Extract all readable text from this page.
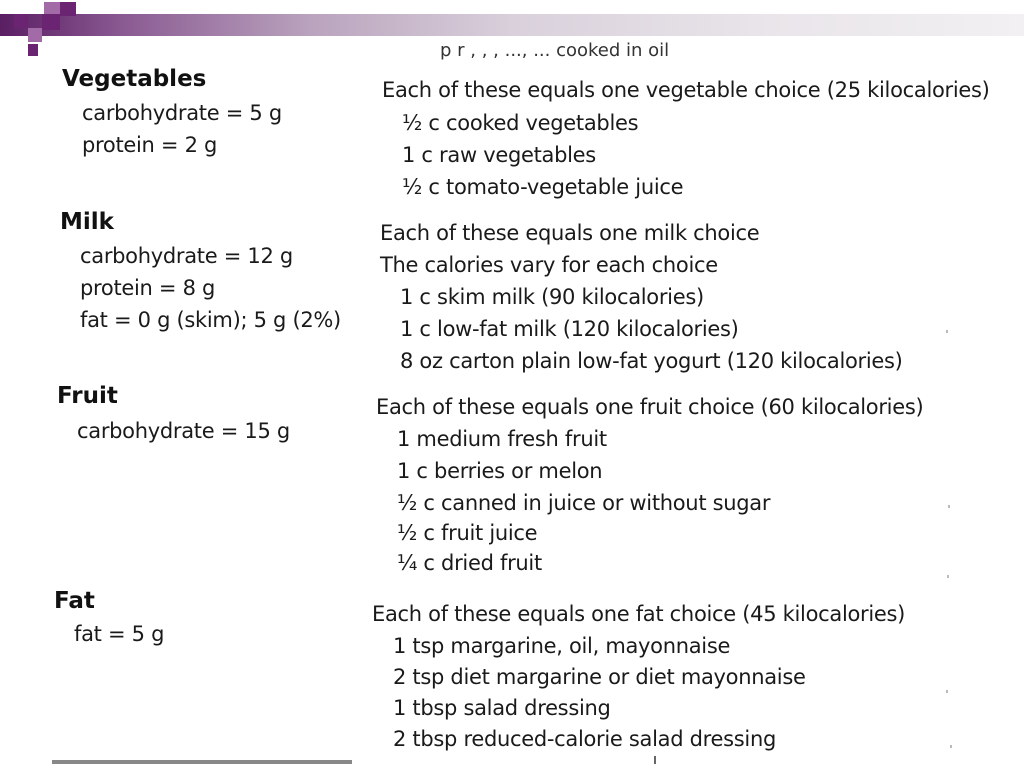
p r , , , ..., ... cooked in oil
Vegetables
carbohydrate = 5 g
protein = 2 g
Each of these equals one vegetable choice (25 kilocalories)
½ c cooked vegetables
1 c raw vegetables
½ c tomato-vegetable juice
Milk
carbohydrate = 12 g
protein = 8 g
fat = 0 g (skim); 5 g (2%)
Each of these equals one milk choice
The calories vary for each choice
1 c skim milk (90 kilocalories)
1 c low-fat milk (120 kilocalories)
8 oz carton plain low-fat yogurt (120 kilocalories)
Fruit
carbohydrate = 15 g
Each of these equals one fruit choice (60 kilocalories)
1 medium fresh fruit
1 c berries or melon
½ c canned in juice or without sugar
½ c fruit juice
¼ c dried fruit
Fat
fat = 5 g
Each of these equals one fat choice (45 kilocalories)
1 tsp margarine, oil, mayonnaise
2 tsp diet margarine or diet mayonnaise
1 tbsp salad dressing
2 tbsp reduced-calorie salad dressing
